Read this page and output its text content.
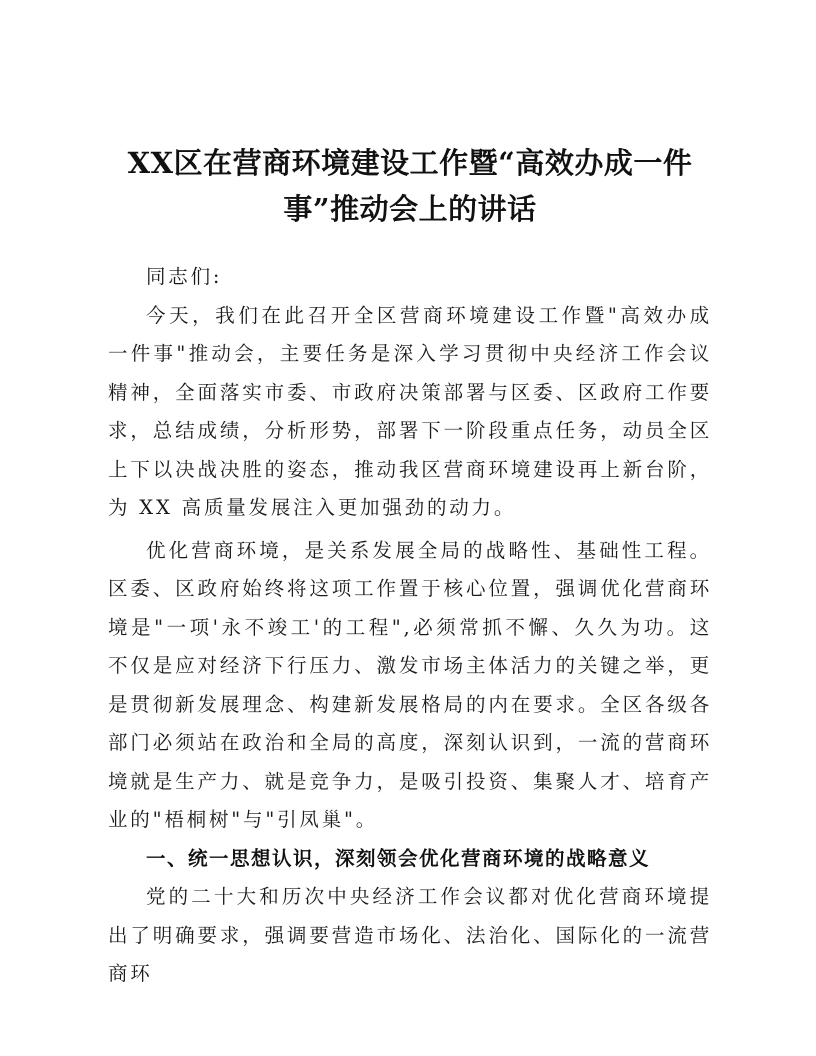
XX区在营商环境建设工作暨“高效办成一件
事”推动会上的讲话

同志们:

今天，我们在此召开全区营商环境建设工作暨"高效办成一件事"推动会，主要任务是深入学习贯彻中央经济工作会议精神，全面落实市委、市政府决策部署与区委、区政府工作要求，总结成绩，分析形势，部署下一阶段重点任务，动员全区上下以决战决胜的姿态，推动我区营商环境建设再上新台阶，为 XX 高质量发展注入更加强劲的动力。

优化营商环境，是关系发展全局的战略性、基础性工程。区委、区政府始终将这项工作置于核心位置，强调优化营商环境是"一项'永不竣工'的工程",必须常抓不懈、久久为功。这不仅是应对经济下行压力、激发市场主体活力的关键之举，更是贯彻新发展理念、构建新发展格局的内在要求。全区各级各部门必须站在政治和全局的高度，深刻认识到，一流的营商环境就是生产力、就是竞争力，是吸引投资、集聚人才、培育产业的"梧桐树"与"引凤巢"。

一、统一思想认识，深刻领会优化营商环境的战略意义

党的二十大和历次中央经济工作会议都对优化营商环境提出了明确要求，强调要营造市场化、法治化、国际化的一流营商环
